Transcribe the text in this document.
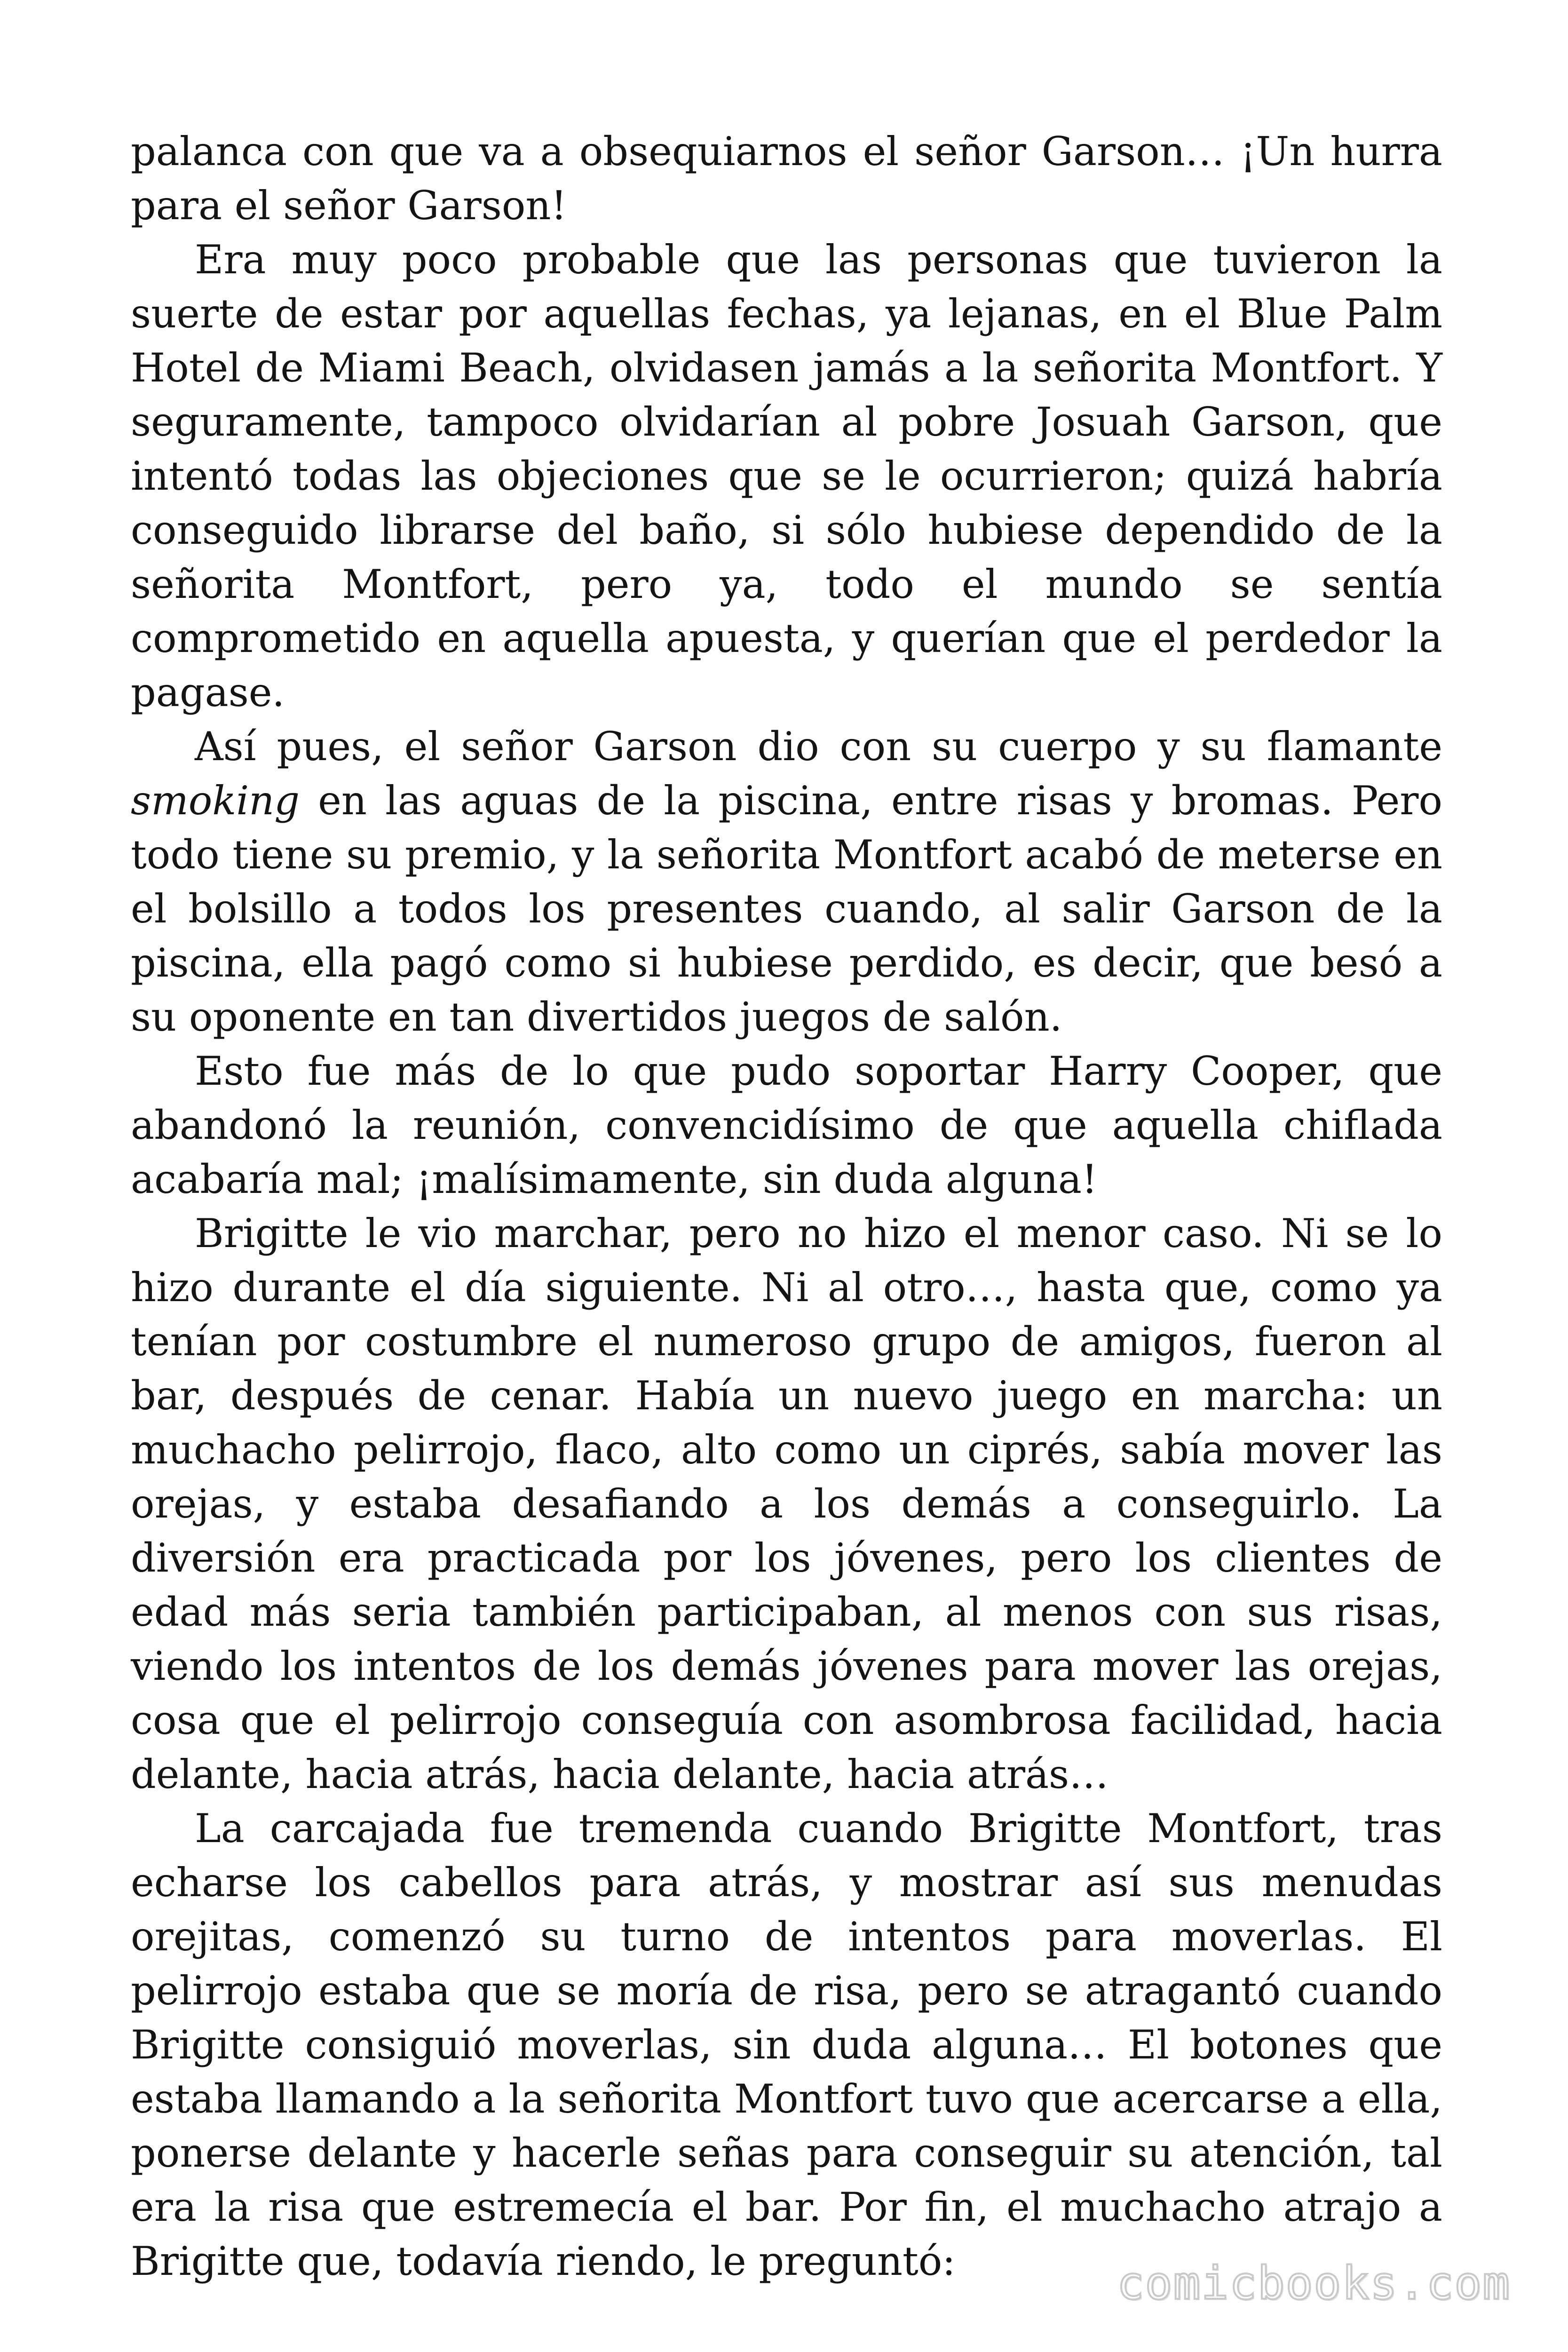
palanca con que va a obsequiarnos el señor Garson… ¡Un hurra para el señor Garson!

Era muy poco probable que las personas que tuvieron la suerte de estar por aquellas fechas, ya lejanas, en el Blue Palm Hotel de Miami Beach, olvidasen jamás a la señorita Montfort. Y seguramente, tampoco olvidarían al pobre Josuah Garson, que intentó todas las objeciones que se le ocurrieron; quizá habría conseguido librarse del baño, si sólo hubiese dependido de la señorita Montfort, pero ya, todo el mundo se sentía comprometido en aquella apuesta, y querían que el perdedor la pagase.

Así pues, el señor Garson dio con su cuerpo y su flamante smoking en las aguas de la piscina, entre risas y bromas. Pero todo tiene su premio, y la señorita Montfort acabó de meterse en el bolsillo a todos los presentes cuando, al salir Garson de la piscina, ella pagó como si hubiese perdido, es decir, que besó a su oponente en tan divertidos juegos de salón.

Esto fue más de lo que pudo soportar Harry Cooper, que abandonó la reunión, convencidísimo de que aquella chiflada acabaría mal; ¡malísimamente, sin duda alguna!

Brigitte le vio marchar, pero no hizo el menor caso. Ni se lo hizo durante el día siguiente. Ni al otro…, hasta que, como ya tenían por costumbre el numeroso grupo de amigos, fueron al bar, después de cenar. Había un nuevo juego en marcha: un muchacho pelirrojo, flaco, alto como un ciprés, sabía mover las orejas, y estaba desafiando a los demás a conseguirlo. La diversión era practicada por los jóvenes, pero los clientes de edad más seria también participaban, al menos con sus risas, viendo los intentos de los demás jóvenes para mover las orejas, cosa que el pelirrojo conseguía con asombrosa facilidad, hacia delante, hacia atrás, hacia delante, hacia atrás…

La carcajada fue tremenda cuando Brigitte Montfort, tras echarse los cabellos para atrás, y mostrar así sus menudas orejitas, comenzó su turno de intentos para moverlas. El pelirrojo estaba que se moría de risa, pero se atragantó cuando Brigitte consiguió moverlas, sin duda alguna… El botones que estaba llamando a la señorita Montfort tuvo que acercarse a ella, ponerse delante y hacerle señas para conseguir su atención, tal era la risa que estremecía el bar. Por fin, el muchacho atrajo a Brigitte que, todavía riendo, le preguntó:	comicbooks.com
